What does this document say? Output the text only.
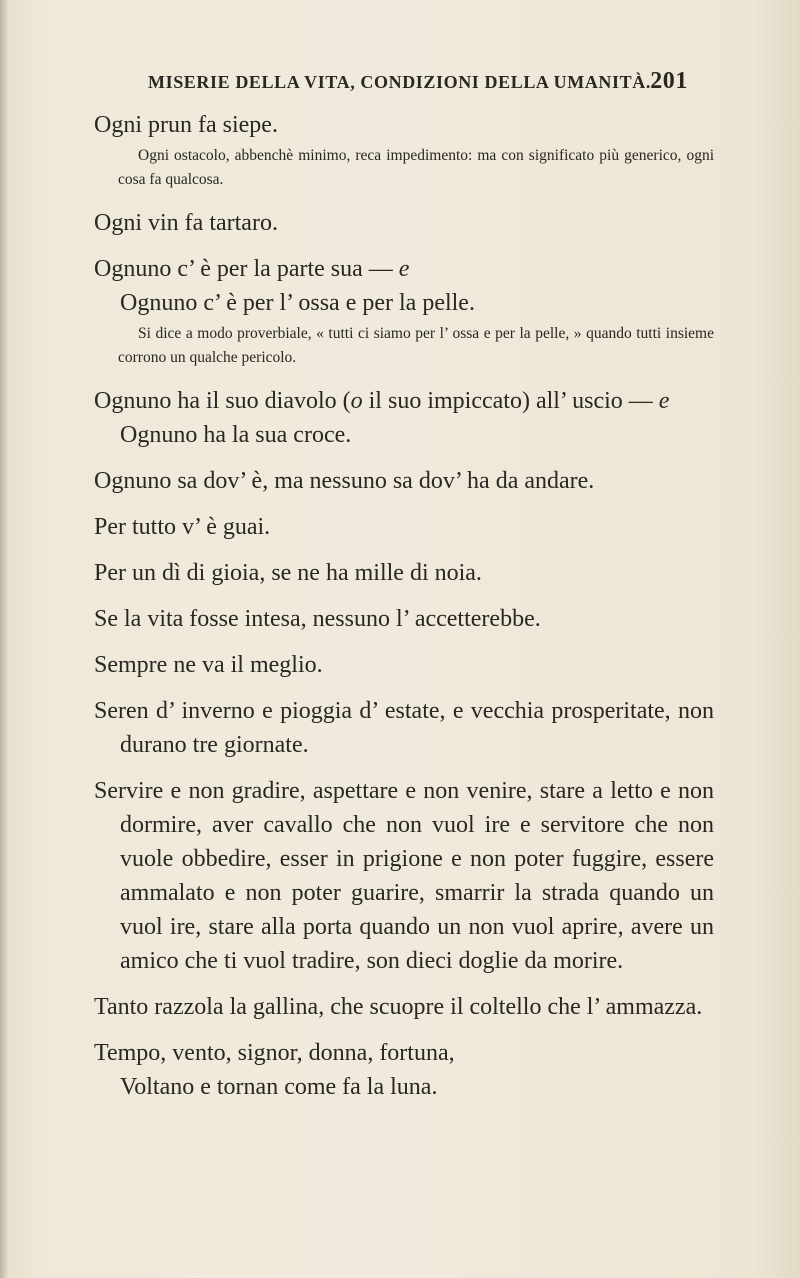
MISERIE DELLA VITA, CONDIZIONI DELLA UMANITÀ. 201

Ogni prun fa siepe.

Ogni ostacolo, abbenchè minimo, reca impedimento: ma con significato più generico, ogni cosa fa qualcosa.

Ogni vin fa tartaro.

Ognuno c’ è per la parte sua — e

Ognuno c’ è per l’ ossa e per la pelle.

Si dice a modo proverbiale, « tutti ci siamo per l’ ossa e per la pelle, » quando tutti insieme corrono un qualche pericolo.

Ognuno ha il suo diavolo (o il suo impiccato) all’ uscio — e

Ognuno ha la sua croce.

Ognuno sa dov’ è, ma nessuno sa dov’ ha da andare.

Per tutto v’ è guai.

Per un dì di gioia, se ne ha mille di noia.

Se la vita fosse intesa, nessuno l’ accetterebbe.

Sempre ne va il meglio.

Seren d’ inverno e pioggia d’ estate, e vecchia prosperitate, non durano tre giornate.

Servire e non gradire, aspettare e non venire, stare a letto e non dormire, aver cavallo che non vuol ire e servitore che non vuole obbedire, esser in prigione e non poter fuggire, essere ammalato e non poter guarire, smarrir la strada quando un vuol ire, stare alla porta quando un non vuol aprire, avere un amico che ti vuol tradire, son dieci doglie da morire.

Tanto razzola la gallina, che scuopre il coltello che l’ ammazza.

Tempo, vento, signor, donna, fortuna,

Voltano e tornan come fa la luna.
